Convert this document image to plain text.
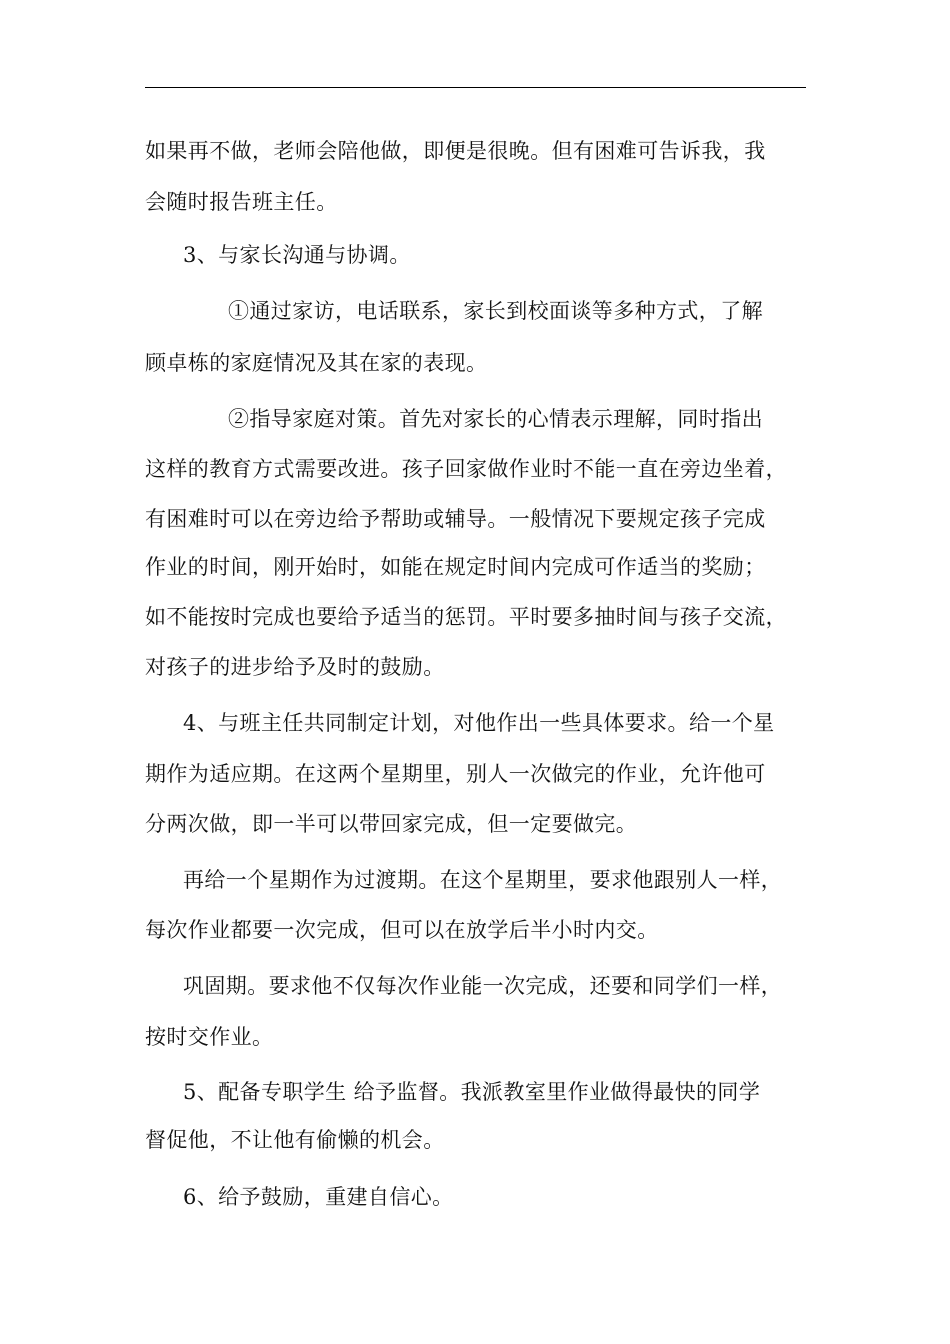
如果再不做，老师会陪他做，即便是很晚。但有困难可告诉我，我
会随时报告班主任。
3、与家长沟通与协调。
①通过家访，电话联系，家长到校面谈等多种方式，了解
顾卓栋的家庭情况及其在家的表现。
②指导家庭对策。首先对家长的心情表示理解，同时指出
这样的教育方式需要改进。孩子回家做作业时不能一直在旁边坐着，
有困难时可以在旁边给予帮助或辅导。一般情况下要规定孩子完成
作业的时间，刚开始时，如能在规定时间内完成可作适当的奖励；
如不能按时完成也要给予适当的惩罚。平时要多抽时间与孩子交流，
对孩子的进步给予及时的鼓励。
4、与班主任共同制定计划，对他作出一些具体要求。给一个星
期作为适应期。在这两个星期里，别人一次做完的作业，允许他可
分两次做，即一半可以带回家完成，但一定要做完。
再给一个星期作为过渡期。在这个星期里，要求他跟别人一样，
每次作业都要一次完成，但可以在放学后半小时内交。
巩固期。要求他不仅每次作业能一次完成，还要和同学们一样，
按时交作业。
5、配备专职学生 给予监督。我派教室里作业做得最快的同学
督促他，不让他有偷懒的机会。
6、给予鼓励，重建自信心。
